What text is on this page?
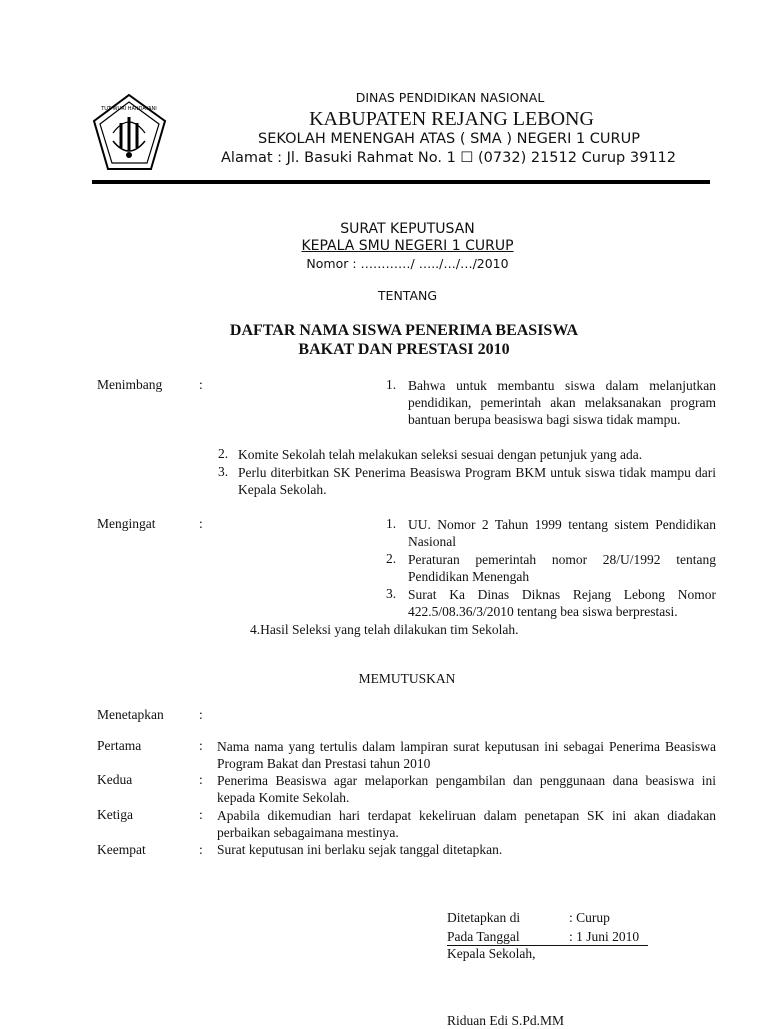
TUT WURI HANDAYANI
DINAS PENDIDIKAN NASIONAL
KABUPATEN REJANG LEBONG
SEKOLAH MENENGAH ATAS ( SMA ) NEGERI 1 CURUP
Alamat : Jl. Basuki Rahmat No. 1 ☐ (0732) 21512 Curup 39112
SURAT KEPUTUSAN
KEPALA SMU NEGERI 1 CURUP
Nomor : …………/ …../…/…/2010
TENTANG
DAFTAR NAMA SISWA PENERIMA BEASISWA
BAKAT DAN PRESTASI 2010
Menimbang	:	1. Bahwa untuk membantu siswa dalam melanjutkan pendidikan, pemerintah akan melaksanakan program bantuan berupa beasiswa bagi siswa tidak mampu.
2. Komite Sekolah telah melakukan seleksi sesuai dengan petunjuk yang ada.
3. Perlu diterbitkan SK Penerima Beasiswa Program BKM untuk siswa tidak mampu dari Kepala Sekolah.
Mengingat	:	1. UU. Nomor 2 Tahun 1999 tentang sistem Pendidikan Nasional
2. Peraturan pemerintah nomor 28/U/1992 tentang Pendidikan Menengah
3. Surat Ka Dinas Diknas Rejang Lebong Nomor 422.5/08.36/3/2010 tentang bea siswa berprestasi.
4.Hasil Seleksi yang telah dilakukan tim Sekolah.
MEMUTUSKAN
Menetapkan	:
Pertama	: Nama nama yang tertulis dalam lampiran surat keputusan ini sebagai Penerima Beasiswa Program Bakat dan Prestasi tahun 2010
Kedua	: Penerima Beasiswa agar melaporkan pengambilan dan penggunaan dana beasiswa ini kepada Komite Sekolah.
Ketiga	: Apabila dikemudian hari terdapat kekeliruan dalam penetapan SK ini akan diadakan perbaikan sebagaimana mestinya.
Keempat	: Surat keputusan ini berlaku sejak tanggal ditetapkan.
Ditetapkan di	: Curup
Pada Tanggal	: 1 Juni 2010
Kepala Sekolah,
Riduan Edi S.Pd.MM
